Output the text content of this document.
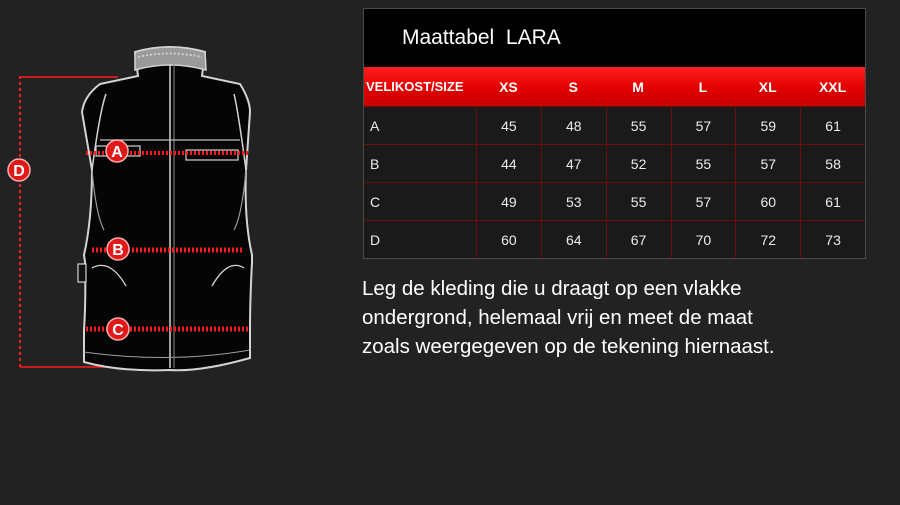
A
B
C
D
Maattabel  LARA
VELIKOST/SIZE	XS	S	M	L	XL	XXL
A	45	48	55	57	59	61
B	44	47	52	55	57	58
C	49	53	55	57	60	61
D	60	64	67	70	72	73
Leg de kleding die u draagt op een vlakke
ondergrond, helemaal vrij en meet de maat
zoals weergegeven op de tekening hiernaast.
